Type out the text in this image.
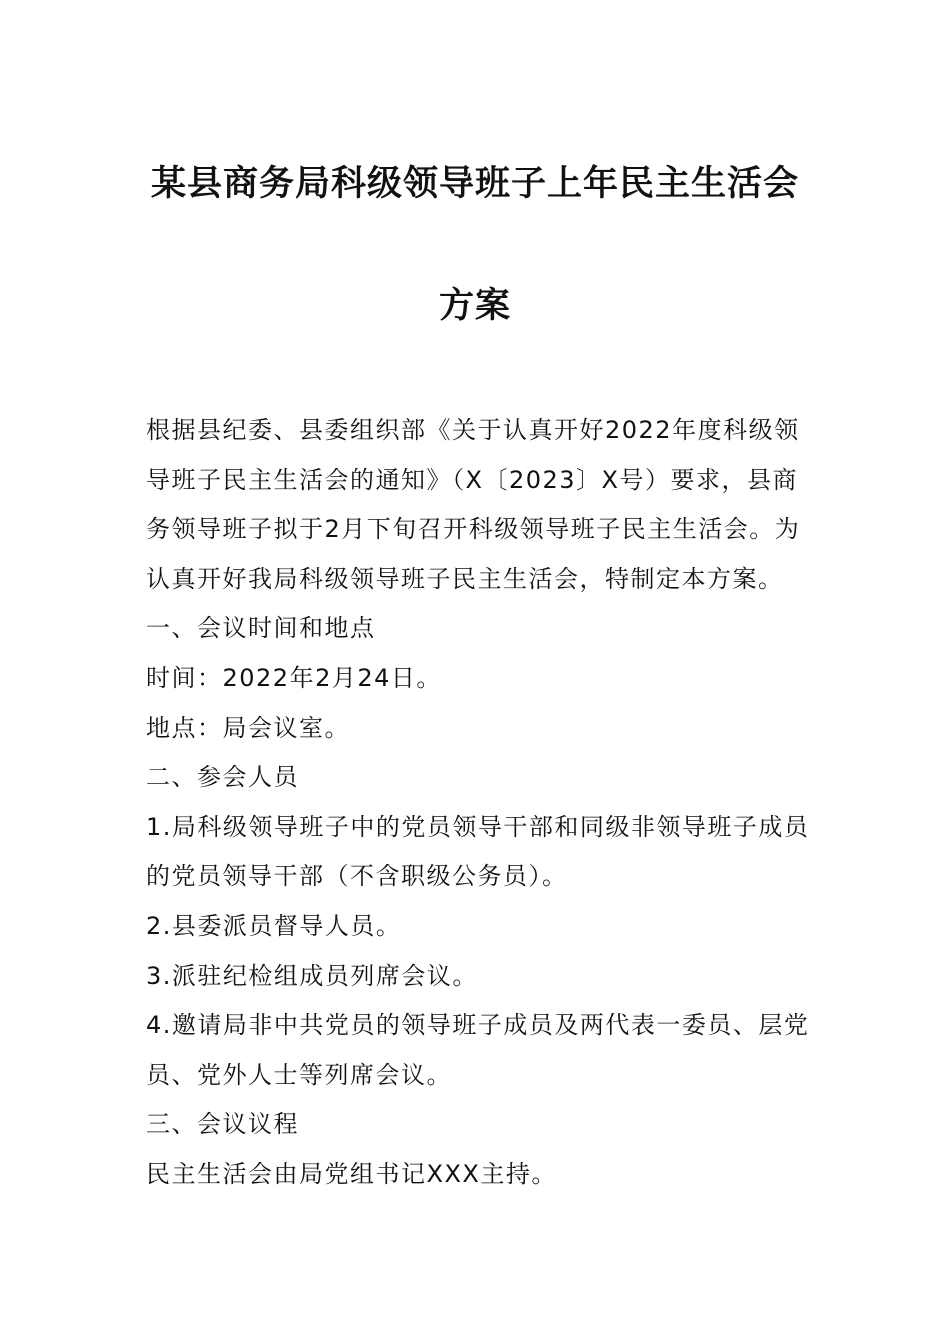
某县商务局科级领导班子上年民主生活会
方案

根据县纪委、县委组织部《关于认真开好2022年度科级领导班子民主生活会的通知》（X〔2023〕X号）要求，县商务领导班子拟于2月下旬召开科级领导班子民主生活会。为认真开好我局科级领导班子民主生活会，特制定本方案。

一、会议时间和地点

时间：2022年2月24日。

地点：局会议室。

二、参会人员

1.局科级领导班子中的党员领导干部和同级非领导班子成员的党员领导干部（不含职级公务员）。

2.县委派员督导人员。

3.派驻纪检组成员列席会议。

4.邀请局非中共党员的领导班子成员及两代表一委员、层党员、党外人士等列席会议。

三、会议议程

民主生活会由局党组书记XXX主持。
